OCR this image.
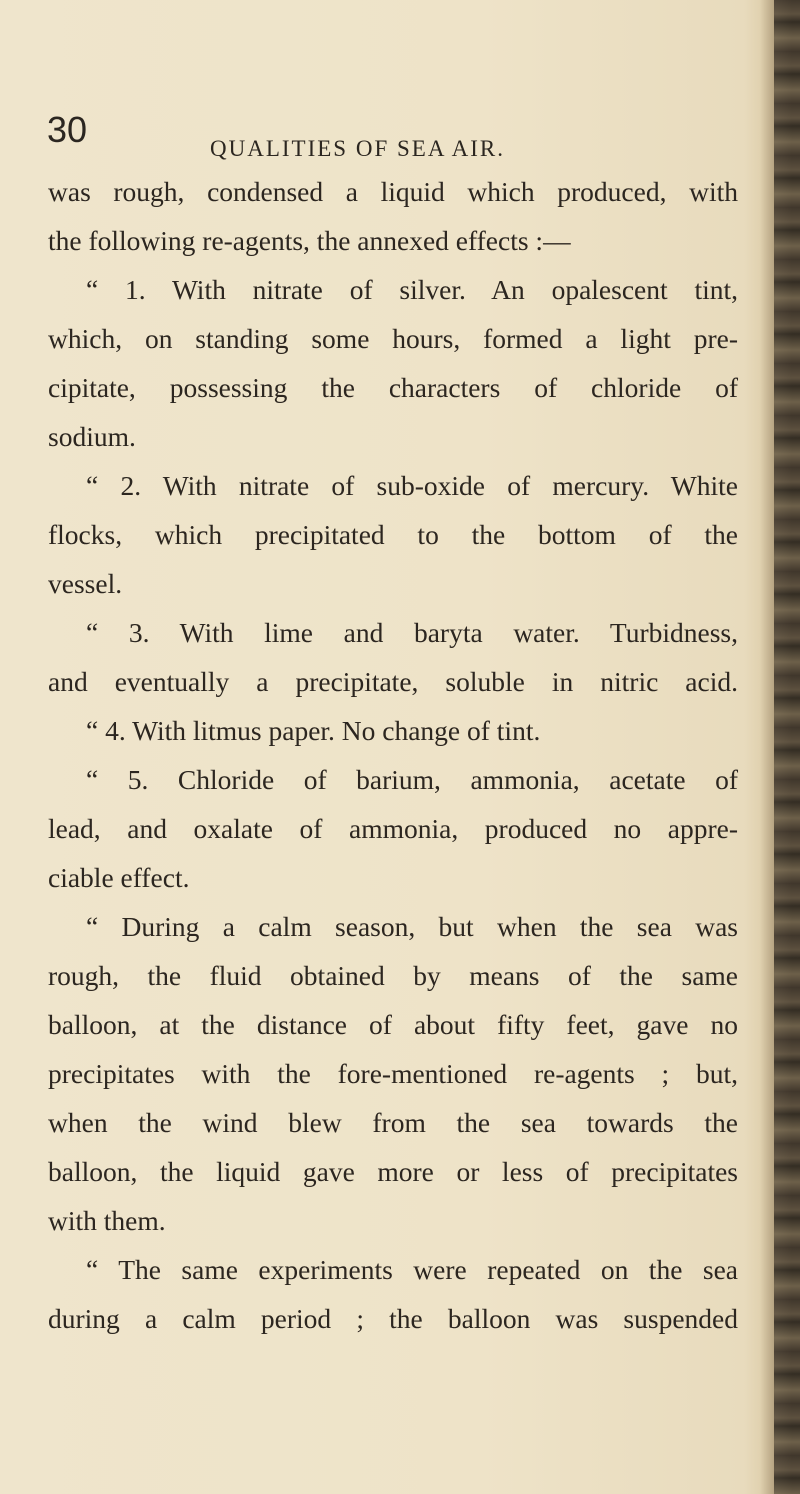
30	QUALITIES OF SEA AIR.
was rough, condensed a liquid which produced, with
the following re-agents, the annexed effects :—
“ 1. With nitrate of silver. An opalescent tint,
which, on standing some hours, formed a light pre-
cipitate, possessing the characters of chloride of
sodium.
“ 2. With nitrate of sub-oxide of mercury. White
flocks, which precipitated to the bottom of the
vessel.
“ 3. With lime and baryta water. Turbidness,
and eventually a precipitate, soluble in nitric acid.
“ 4. With litmus paper. No change of tint.
“ 5. Chloride of barium, ammonia, acetate of
lead, and oxalate of ammonia, produced no appre-
ciable effect.
“ During a calm season, but when the sea was
rough, the fluid obtained by means of the same
balloon, at the distance of about fifty feet, gave no
precipitates with the fore-mentioned re-agents ; but,
when the wind blew from the sea towards the
balloon, the liquid gave more or less of precipitates
with them.
“ The same experiments were repeated on the sea
during a calm period ; the balloon was suspended
